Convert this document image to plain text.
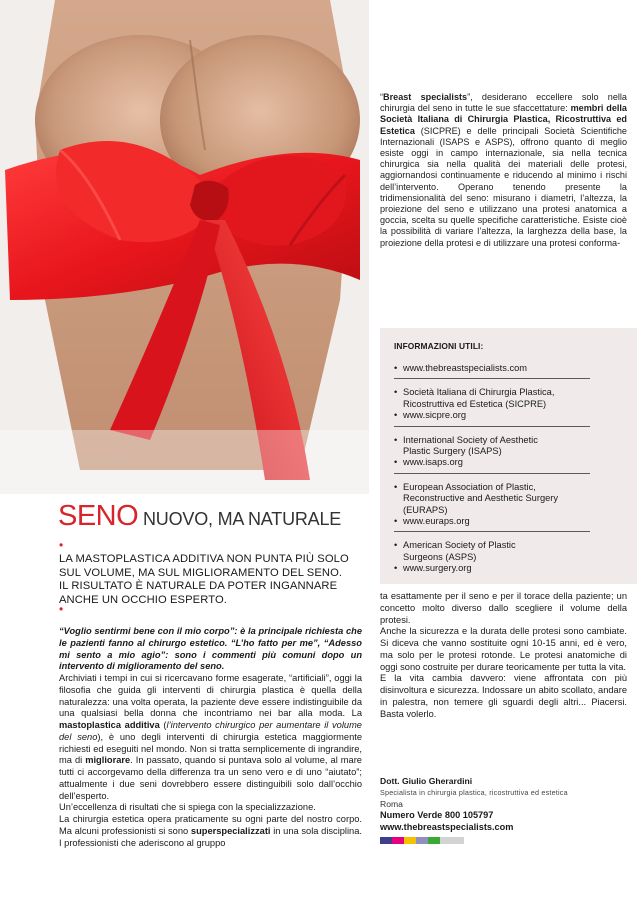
“Breast specialists”, desiderano eccellere solo nella chirurgia del seno in tutte le sue sfaccettature: membri della Società Italiana di Chirurgia Plastica, Ricostruttiva ed Estetica (SICPRE) e delle principali Società Scientifiche Internazionali (ISAPS e ASPS), offrono quanto di meglio esiste oggi in campo internazionale, sia nella tecnica chirurgica sia nella qualità dei materiali delle protesi, aggiornandosi continuamente e riducendo al minimo i rischi dell’intervento. Operano tenendo presente la tridimensionalità del seno: misurano i diametri, l’altezza, la proiezione del seno e utilizzano una protesi anatomica a goccia, scelta su quelle specifiche caratteristiche. Esiste cioè la possibilità di variare l’altezza, la larghezza della base, la proiezione della protesi e di utilizzare una protesi conforma-
INFORMAZIONI UTILI:
• www.thebreastspecialists.com
• Società Italiana di Chirurgia Plastica,
Ricostruttiva ed Estetica (SICPRE)
• www.sicpre.org
• International Society of Aesthetic
Plastic Surgery (ISAPS)
• www.isaps.org
• European Association of Plastic,
Reconstructive and Aesthetic Surgery
(EURAPS)
• www.euraps.org
• American Society of Plastic
Surgeons (ASPS)
• www.surgery.org
SENO NUOVO, MA NATURALE
•
LA MASTOPLASTICA ADDITIVA NON PUNTA PIÙ SOLO
SUL VOLUME, MA SUL MIGLIORAMENTO DEL SENO.
IL RISULTATO È NATURALE DA POTER INGANNARE
ANCHE UN OCCHIO ESPERTO.
•

“Voglio sentirmi bene con il mio corpo”: è la principale richiesta che le pazienti fanno al chirurgo estetico. “L’ho fatto per me”, “Adesso mi sento a mio agio”: sono i commenti più comuni dopo un intervento di miglioramento del seno.

Archiviati i tempi in cui si ricercavano forme esagerate, “artificiali”, oggi la filosofia che guida gli interventi di chirurgia plastica è quella della naturalezza: una volta operata, la paziente deve essere indistinguibile da una qualsiasi bella donna che incontriamo nei bar alla moda. La mastoplastica additiva (l’intervento chirurgico per aumentare il volume del seno), è uno degli interventi di chirurgia estetica maggiormente richiesti ed eseguiti nel mondo. Non si tratta semplicemente di ingrandire, ma di migliorare. In passato, quando si puntava solo al volume, al mare tutti ci accorgevamo della differenza tra un seno vero e di uno “aiutato”; attualmente i due seni dovrebbero essere distinguibili solo dall’occhio dell’esperto.

Un’eccellenza di risultati che si spiega con la specializzazione.

La chirurgia estetica opera praticamente su ogni parte del nostro corpo. Ma alcuni professionisti si sono superspecializzati in una sola disciplina. I professionisti che aderiscono al gruppo

ta esattamente per il seno e per il torace della paziente; un concetto molto diverso dallo scegliere il volume della protesi.

Anche la sicurezza e la durata delle protesi sono cambiate. Si diceva che vanno sostituite ogni 10-15 anni, ed è vero, ma solo per le protesi rotonde. Le protesi anatomiche di oggi sono costruite per durare teoricamente per tutta la vita.

E la vita cambia davvero: viene affrontata con più disinvoltura e sicurezza. Indossare un abito scollato, andare in palestra, non temere gli sguardi degli altri... Piacersi. Basta volerlo.

Dott. Giulio Gherardini
Specialista in chirurgia plastica, ricostruttiva ed estetica
Roma
Numero Verde 800 105797
www.thebreastspecialists.com
